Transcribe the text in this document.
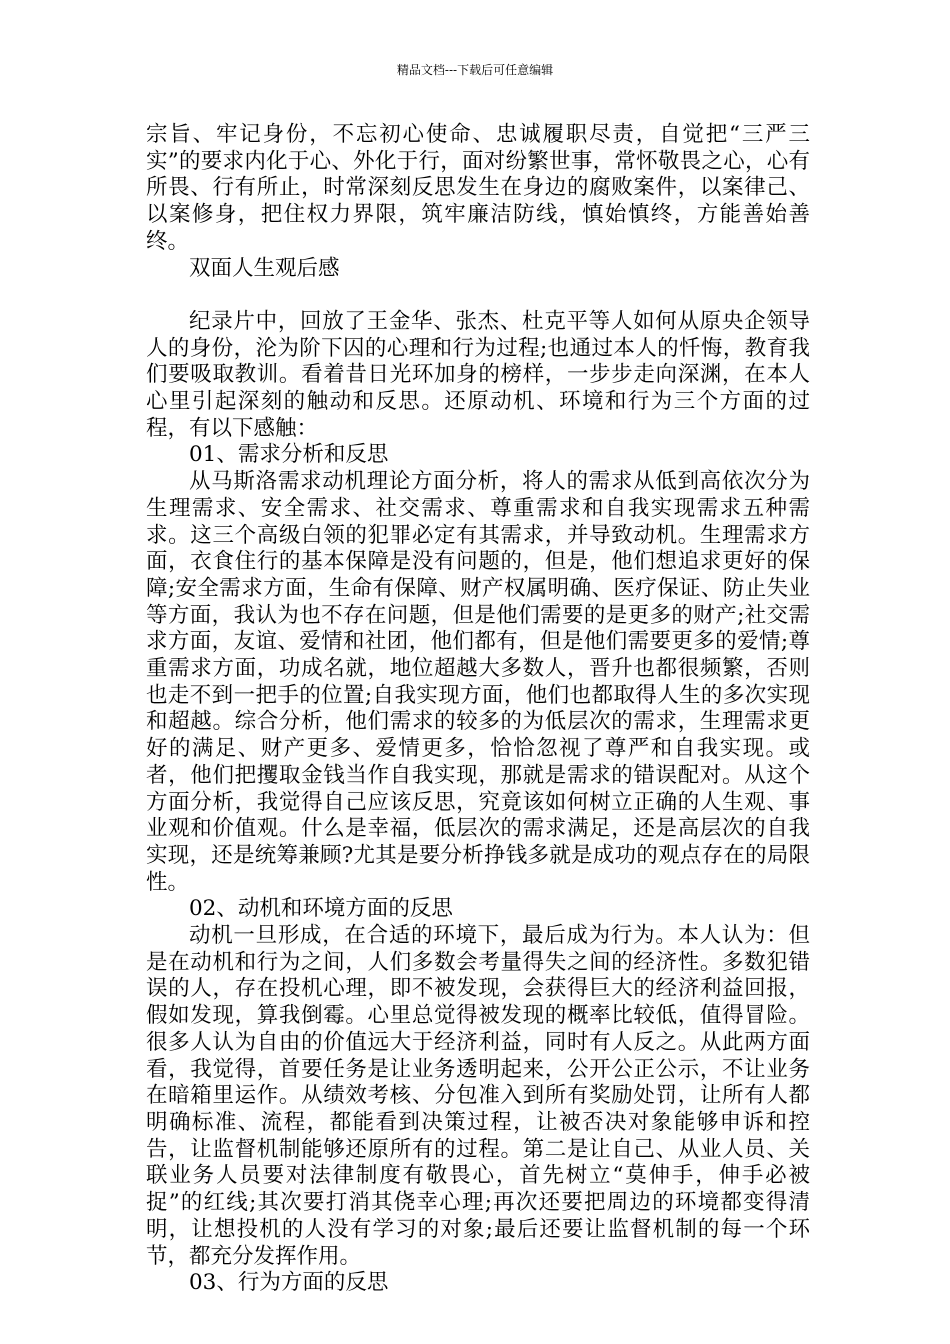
精品文档---下载后可任意编辑

宗旨、牢记身份，不忘初心使命、忠诚履职尽责，自觉把“三严三实”的要求内化于心、外化于行，面对纷繁世事，常怀敬畏之心，心有所畏、行有所止，时常深刻反思发生在身边的腐败案件，以案律己、以案修身，把住权力界限，筑牢廉洁防线，慎始慎终，方能善始善终。

双面人生观后感

纪录片中，回放了王金华、张杰、杜克平等人如何从原央企领导人的身份，沦为阶下囚的心理和行为过程;也通过本人的忏悔，教育我们要吸取教训。看着昔日光环加身的榜样，一步步走向深渊，在本人心里引起深刻的触动和反思。还原动机、环境和行为三个方面的过程，有以下感触：

01、需求分析和反思

从马斯洛需求动机理论方面分析，将人的需求从低到高依次分为生理需求、安全需求、社交需求、尊重需求和自我实现需求五种需求。这三个高级白领的犯罪必定有其需求，并导致动机。生理需求方面，衣食住行的基本保障是没有问题的，但是，他们想追求更好的保障;安全需求方面，生命有保障、财产权属明确、医疗保证、防止失业等方面，我认为也不存在问题，但是他们需要的是更多的财产;社交需求方面，友谊、爱情和社团，他们都有，但是他们需要更多的爱情;尊重需求方面，功成名就，地位超越大多数人，晋升也都很频繁，否则也走不到一把手的位置;自我实现方面，他们也都取得人生的多次实现和超越。综合分析，他们需求的较多的为低层次的需求，生理需求更好的满足、财产更多、爱情更多，恰恰忽视了尊严和自我实现。或者，他们把攫取金钱当作自我实现，那就是需求的错误配对。从这个方面分析，我觉得自己应该反思，究竟该如何树立正确的人生观、事业观和价值观。什么是幸福，低层次的需求满足，还是高层次的自我实现，还是统筹兼顾?尤其是要分析挣钱多就是成功的观点存在的局限性。

02、动机和环境方面的反思

动机一旦形成，在合适的环境下，最后成为行为。本人认为：但是在动机和行为之间，人们多数会考量得失之间的经济性。多数犯错误的人，存在投机心理，即不被发现，会获得巨大的经济利益回报，假如发现，算我倒霉。心里总觉得被发现的概率比较低，值得冒险。很多人认为自由的价值远大于经济利益，同时有人反之。从此两方面看，我觉得，首要任务是让业务透明起来，公开公正公示，不让业务在暗箱里运作。从绩效考核、分包准入到所有奖励处罚，让所有人都明确标准、流程，都能看到决策过程，让被否决对象能够申诉和控告，让监督机制能够还原所有的过程。第二是让自己、从业人员、关联业务人员要对法律制度有敬畏心，首先树立“莫伸手，伸手必被捉”的红线;其次要打消其侥幸心理;再次还要把周边的环境都变得清明，让想投机的人没有学习的对象;最后还要让监督机制的每一个环节，都充分发挥作用。

03、行为方面的反思
